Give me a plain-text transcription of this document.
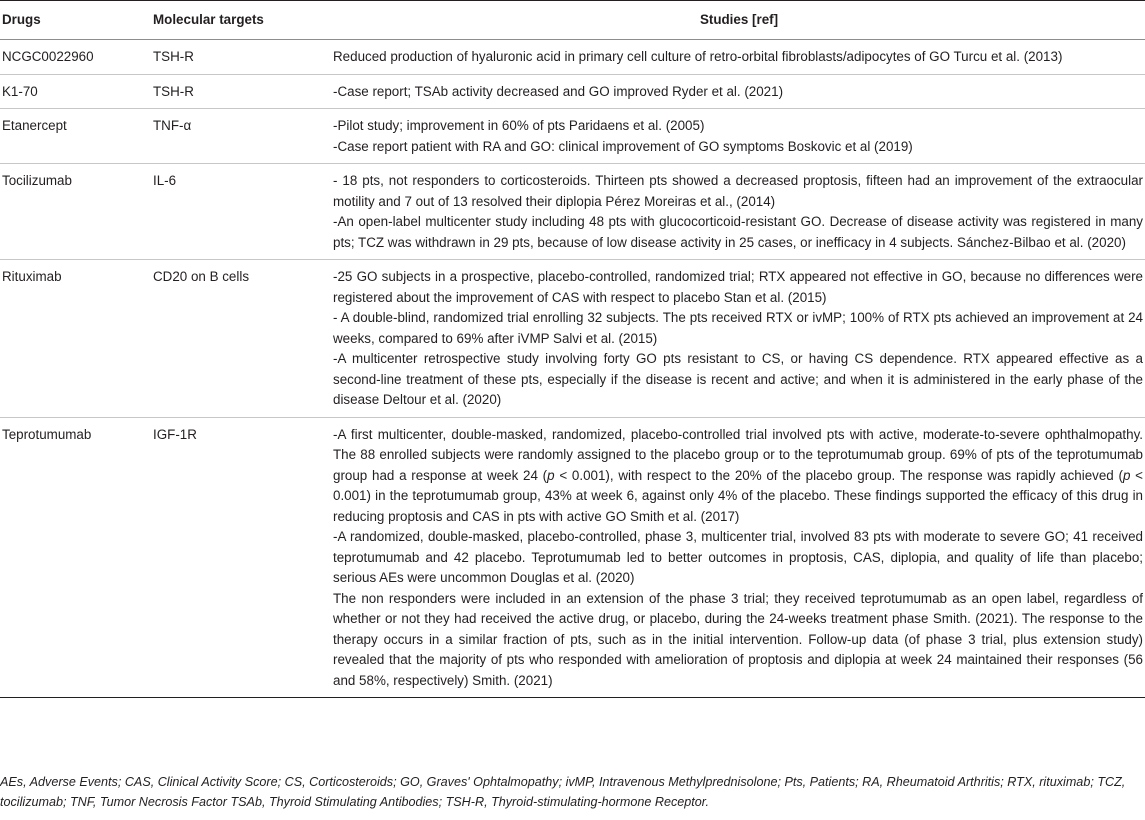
Drugs	Molecular targets	Studies [ref]
NCGC0022960	TSH-R	Reduced production of hyaluronic acid in primary cell culture of retro-orbital fibroblasts/adipocytes of GO Turcu et al. (2013)

K1-70	TSH-R	-Case report; TSAb activity decreased and GO improved Ryder et al. (2021)

Etanercept	TNF-α	-Pilot study; improvement in 60% of pts Paridaens et al. (2005)
-Case report patient with RA and GO: clinical improvement of GO symptoms Boskovic et al (2019)

Tocilizumab	IL-6	- 18 pts, not responders to corticosteroids. Thirteen pts showed a decreased proptosis, fifteen had an improvement of the extraocular motility and 7 out of 13 resolved their diplopia Pérez Moreiras et al., (2014)
-An open-label multicenter study including 48 pts with glucocorticoid-resistant GO. Decrease of disease activity was registered in many pts; TCZ was withdrawn in 29 pts, because of low disease activity in 25 cases, or inefficacy in 4 subjects. Sánchez-Bilbao et al. (2020)

Rituximab	CD20 on B cells	-25 GO subjects in a prospective, placebo-controlled, randomized trial; RTX appeared not effective in GO, because no differences were registered about the improvement of CAS with respect to placebo Stan et al. (2015)
- A double-blind, randomized trial enrolling 32 subjects. The pts received RTX or ivMP; 100% of RTX pts achieved an improvement at 24 weeks, compared to 69% after iVMP Salvi et al. (2015)
-A multicenter retrospective study involving forty GO pts resistant to CS, or having CS dependence. RTX appeared effective as a second-line treatment of these pts, especially if the disease is recent and active; and when it is administered in the early phase of the disease Deltour et al. (2020)

Teprotumumab	IGF-1R	-A first multicenter, double-masked, randomized, placebo-controlled trial involved pts with active, moderate-to-severe ophthalmopathy. The 88 enrolled subjects were randomly assigned to the placebo group or to the teprotumumab group. 69% of pts of the teprotumumab group had a response at week 24 (p < 0.001), with respect to the 20% of the placebo group. The response was rapidly achieved (p < 0.001) in the teprotumumab group, 43% at week 6, against only 4% of the placebo. These findings supported the efficacy of this drug in reducing proptosis and CAS in pts with active GO Smith et al. (2017)
-A randomized, double-masked, placebo-controlled, phase 3, multicenter trial, involved 83 pts with moderate to severe GO; 41 received teprotumumab and 42 placebo. Teprotumumab led to better outcomes in proptosis, CAS, diplopia, and quality of life than placebo; serious AEs were uncommon Douglas et al. (2020)
The non responders were included in an extension of the phase 3 trial; they received teprotumumab as an open label, regardless of whether or not they had received the active drug, or placebo, during the 24-weeks treatment phase Smith. (2021). The response to the therapy occurs in a similar fraction of pts, such as in the initial intervention. Follow-up data (of phase 3 trial, plus extension study) revealed that the majority of pts who responded with amelioration of proptosis and diplopia at week 24 maintained their responses (56 and 58%, respectively) Smith. (2021)
AEs, Adverse Events; CAS, Clinical Activity Score; CS, Corticosteroids; GO, Graves' Ophtalmopathy; ivMP, Intravenous Methylprednisolone; Pts, Patients; RA, Rheumatoid Arthritis; RTX, rituximab; TCZ, tocilizumab; TNF, Tumor Necrosis Factor TSAb, Thyroid Stimulating Antibodies; TSH-R, Thyroid-stimulating-hormone Receptor.
